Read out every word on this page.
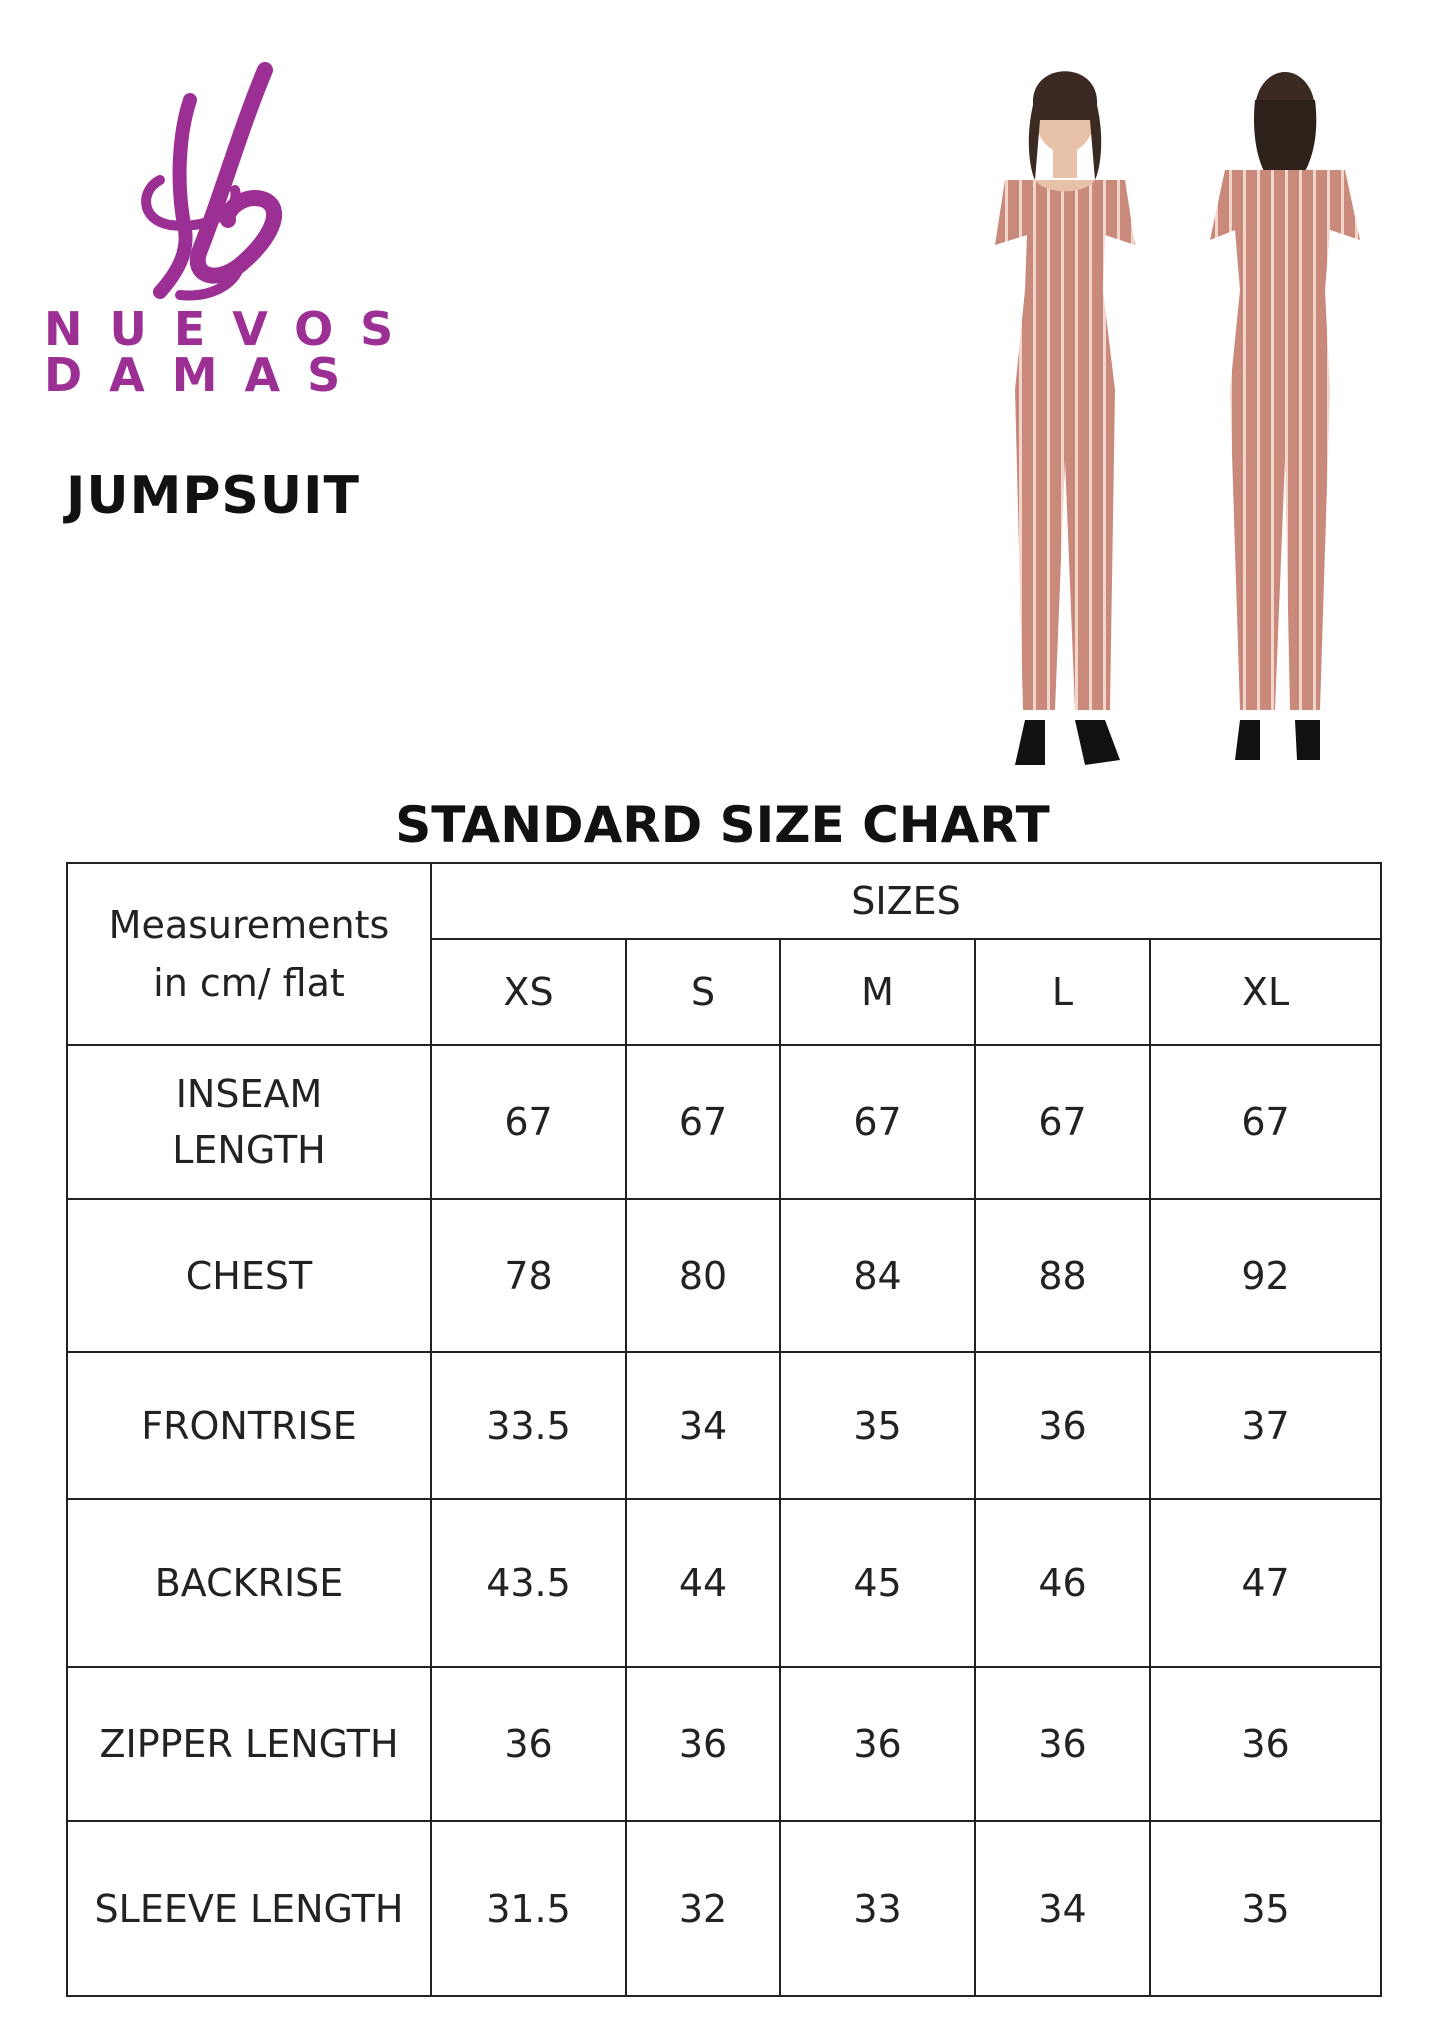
NUEVOS
DAMAS
JUMPSUIT
STANDARD SIZE CHART
Measurements
in cm/ flat	SIZES				
	XS	S	M	L	XL
INSEAM LENGTH	67	67	67	67	67
CHEST	78	80	84	88	92
FRONTRISE	33.5	34	35	36	37
BACKRISE	43.5	44	45	46	47
ZIPPER LENGTH	36	36	36	36	36
SLEEVE LENGTH	31.5	32	33	34	35
